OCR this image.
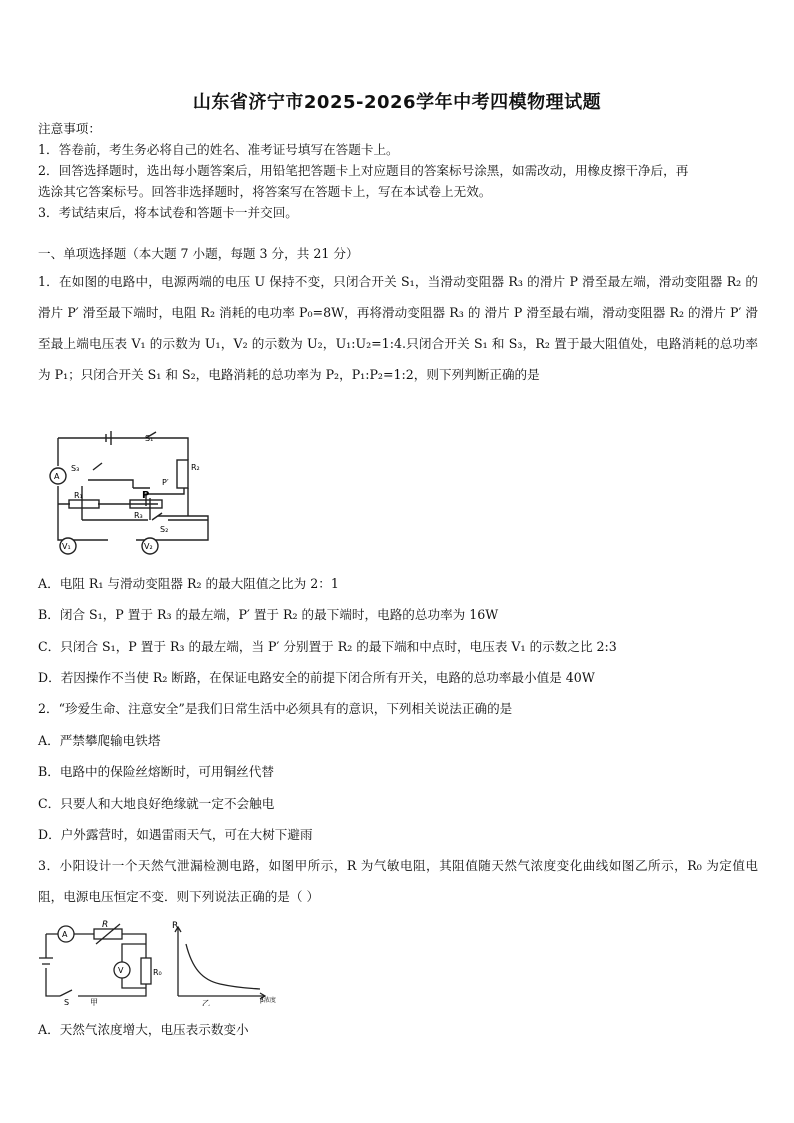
山东省济宁市2025-2026学年中考四模物理试题
注意事项：
1．答卷前，考生务必将自己的姓名、准考证号填写在答题卡上。
2．回答选择题时，选出每小题答案后，用铅笔把答题卡上对应题目的答案标号涂黑，如需改动，用橡皮擦干净后，再
选涂其它答案标号。回答非选择题时，将答案写在答题卡上，写在本试卷上无效。
3．考试结束后，将本试卷和答题卡一并交回。
一、单项选择题（本大题 7 小题，每题 3 分，共 21 分）
1．在如图的电路中，电源两端的电压 U 保持不变，只闭合开关 S₁，当滑动变阻器 R₃ 的滑片 P 滑至最左端，滑动变阻器 R₂ 的滑片 P′ 滑至最下端时，电阻 R₂ 消耗的电功率 P₀=8W，再将滑动变阻器 R₃ 的 滑片 P 滑至最右端，滑动变阻器 R₂ 的滑片 P′ 滑至最上端电压表 V₁ 的示数为 U₁，V₂ 的示数为 U₂，U₁:U₂=1:4.只闭合开关 S₁ 和 S₃，R₂ 置于最大阻值处，电路消耗的总功率为 P₁；只闭合开关 S₁ 和 S₂，电路消耗的总功率为 P₂，P₁:P₂=1:2，则下列判断正确的是
S₁
S₃	R₂
P′
A
R₁	P
R₃
S₂
V₁	V₂
A．电阻 R₁ 与滑动变阻器 R₂ 的最大阻值之比为 2：1
B．闭合 S₁，P 置于 R₃ 的最左端，P′ 置于 R₂ 的最下端时，电路的总功率为 16W
C．只闭合 S₁，P 置于 R₃ 的最左端，当 P′ 分别置于 R₂ 的最下端和中点时，电压表 V₁ 的示数之比 2:3
D．若因操作不当使 R₂ 断路，在保证电路安全的前提下闭合所有开关，电路的总功率最小值是 40W
2．“珍爱生命、注意安全”是我们日常生活中必须具有的意识，下列相关说法正确的是
A．严禁攀爬输电铁塔
B．电路中的保险丝熔断时，可用铜丝代替
C．只要人和大地良好绝缘就一定不会触电
D．户外露营时，如遇雷雨天气，可在大树下避雨
3．小阳设计一个天然气泄漏检测电路，如图甲所示，R 为气敏电阻，其阻值随天然气浓度变化曲线如图乙所示，R₀ 为定值电阻，电源电压恒定不变．则下列说法正确的是（ ）
A
R
V	R₀
S	甲
R
乙	β浓度
A．天然气浓度增大，电压表示数变小
